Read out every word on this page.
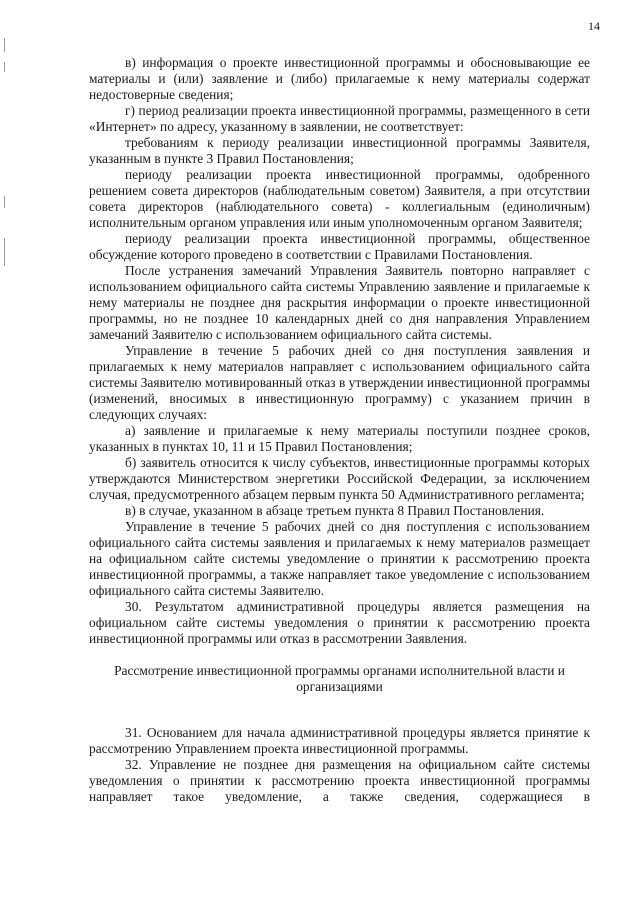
14

в) информация о проекте инвестиционной программы и обосновывающие ее материалы и (или) заявление и (либо) прилагаемые к нему материалы содержат недостоверные сведения;

г) период реализации проекта инвестиционной программы, размещенного в сети «Интернет» по адресу, указанному в заявлении, не соответствует:

требованиям к периоду реализации инвестиционной программы Заявителя, указанным в пункте 3 Правил Постановления;

периоду реализации проекта инвестиционной программы, одобренного решением совета директоров (наблюдательным советом) Заявителя, а при отсутствии совета директоров (наблюдательного совета) - коллегиальным (единоличным) исполнительным органом управления или иным уполномоченным органом Заявителя;

периоду реализации проекта инвестиционной программы, общественное обсуждение которого проведено в соответствии с Правилами Постановления.

После устранения замечаний Управления Заявитель повторно направляет с использованием официального сайта системы Управлению заявление и прилагаемые к нему материалы не позднее дня раскрытия информации о проекте инвестиционной программы, но не позднее 10 календарных дней со дня направления Управлением замечаний Заявителю с использованием официального сайта системы.

Управление в течение 5 рабочих дней со дня поступления заявления и прилагаемых к нему материалов направляет с использованием официального сайта системы Заявителю мотивированный отказ в утверждении инвестиционной программы (изменений, вносимых в инвестиционную программу) с указанием причин в следующих случаях:

а) заявление и прилагаемые к нему материалы поступили позднее сроков, указанных в пунктах 10, 11 и 15 Правил Постановления;

б) заявитель относится к числу субъектов, инвестиционные программы которых утверждаются Министерством энергетики Российской Федерации, за исключением случая, предусмотренного абзацем первым пункта 50 Административного регламента;

в) в случае, указанном в абзаце третьем пункта 8 Правил Постановления.

Управление в течение 5 рабочих дней со дня поступления с использованием официального сайта системы заявления и прилагаемых к нему материалов размещает на официальном сайте системы уведомление о принятии к рассмотрению проекта инвестиционной программы, а также направляет такое уведомление с использованием официального сайта системы Заявителю.

30. Результатом административной процедуры является размещения на официальном сайте системы уведомления о принятии к рассмотрению проекта инвестиционной программы или отказ в рассмотрении Заявления.

Рассмотрение инвестиционной программы органами исполнительной власти и организациями

31. Основанием для начала административной процедуры является принятие к рассмотрению Управлением проекта инвестиционной программы.

32. Управление не позднее дня размещения на официальном сайте системы уведомления о принятии к рассмотрению проекта инвестиционной программы направляет такое уведомление, а также сведения, содержащиеся в
